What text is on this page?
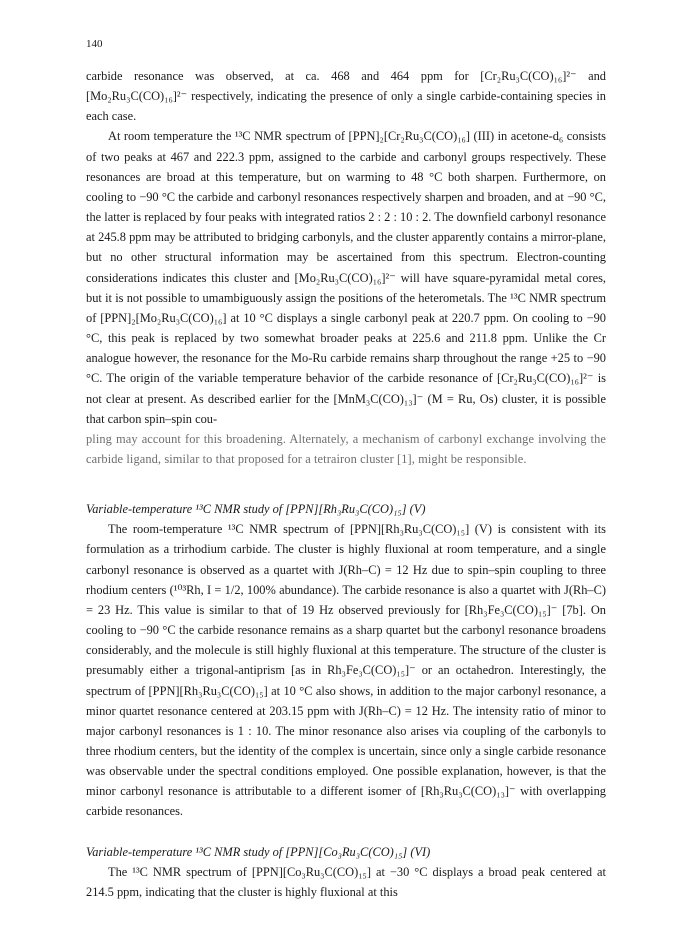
140

carbide resonance was observed, at ca. 468 and 464 ppm for [Cr₂Ru₃C(CO)₁₆]²⁻ and [Mo₂Ru₃C(CO)₁₆]²⁻ respectively, indicating the presence of only a single carbide-containing species in each case.

At room temperature the ¹³C NMR spectrum of [PPN]₂[Cr₂Ru₃C(CO)₁₆] (III) in acetone-d₆ consists of two peaks at 467 and 222.3 ppm, assigned to the carbide and carbonyl groups respectively. These resonances are broad at this temperature, but on warming to 48 °C both sharpen. Furthermore, on cooling to −90 °C the carbide and carbonyl resonances respectively sharpen and broaden, and at −90 °C, the latter is replaced by four peaks with integrated ratios 2 : 2 : 10 : 2. The downfield carbonyl resonance at 245.8 ppm may be attributed to bridging carbonyls, and the cluster apparently contains a mirror-plane, but no other structural information may be ascertained from this spectrum. Electron-counting considerations indicates this cluster and [Mo₂Ru₃C(CO)₁₆]²⁻ will have square-pyramidal metal cores, but it is not possible to umambiguously assign the positions of the heterometals. The ¹³C NMR spectrum of [PPN]₂[Mo₂Ru₃C(CO)₁₆] at 10 °C displays a single carbonyl peak at 220.7 ppm. On cooling to −90 °C, this peak is replaced by two somewhat broader peaks at 225.6 and 211.8 ppm. Unlike the Cr analogue however, the resonance for the Mo-Ru carbide remains sharp throughout the range +25 to −90 °C. The origin of the variable temperature behavior of the carbide resonance of [Cr₂Ru₃C(CO)₁₆]²⁻ is not clear at present. As described earlier for the [MnM₃C(CO)₁₃]⁻ (M = Ru, Os) cluster, it is possible that carbon spin–spin cou-

pling may account for this broadening. Alternately, a mechanism of carbonyl exchange involving the carbide ligand, similar to that proposed for a tetrairon cluster [1], might be responsible.

Variable-temperature ¹³C NMR study of [PPN][Rh₃Ru₃C(CO)₁₅] (V)

The room-temperature ¹³C NMR spectrum of [PPN][Rh₃Ru₃C(CO)₁₅] (V) is consistent with its formulation as a trirhodium carbide. The cluster is highly fluxional at room temperature, and a single carbonyl resonance is observed as a quartet with J(Rh–C) = 12 Hz due to spin–spin coupling to three rhodium centers (¹⁰³Rh, I = 1/2, 100% abundance). The carbide resonance is also a quartet with J(Rh–C) = 23 Hz. This value is similar to that of 19 Hz observed previously for [Rh₃Fe₃C(CO)₁₅]⁻ [7b]. On cooling to −90 °C the carbide resonance remains as a sharp quartet but the carbonyl resonance broadens considerably, and the molecule is still highly fluxional at this temperature. The structure of the cluster is presumably either a trigonal-antiprism [as in Rh₃Fe₃C(CO)₁₅]⁻ or an octahedron. Interestingly, the spectrum of [PPN][Rh₃Ru₃C(CO)₁₅] at 10 °C also shows, in addition to the major carbonyl resonance, a minor quartet resonance centered at 203.15 ppm with J(Rh–C) = 12 Hz. The intensity ratio of minor to major carbonyl resonances is 1 : 10. The minor resonance also arises via coupling of the carbonyls to three rhodium centers, but the identity of the complex is uncertain, since only a single carbide resonance was observable under the spectral conditions employed. One possible explanation, however, is that the minor carbonyl resonance is attributable to a different isomer of [Rh₃Ru₃C(CO)₁₃]⁻ with overlapping carbide resonances.

Variable-temperature ¹³C NMR study of [PPN][Co₃Ru₃C(CO)₁₅] (VI)

The ¹³C NMR spectrum of [PPN][Co₃Ru₃C(CO)₁₅] at −30 °C displays a broad peak centered at 214.5 ppm, indicating that the cluster is highly fluxional at this
